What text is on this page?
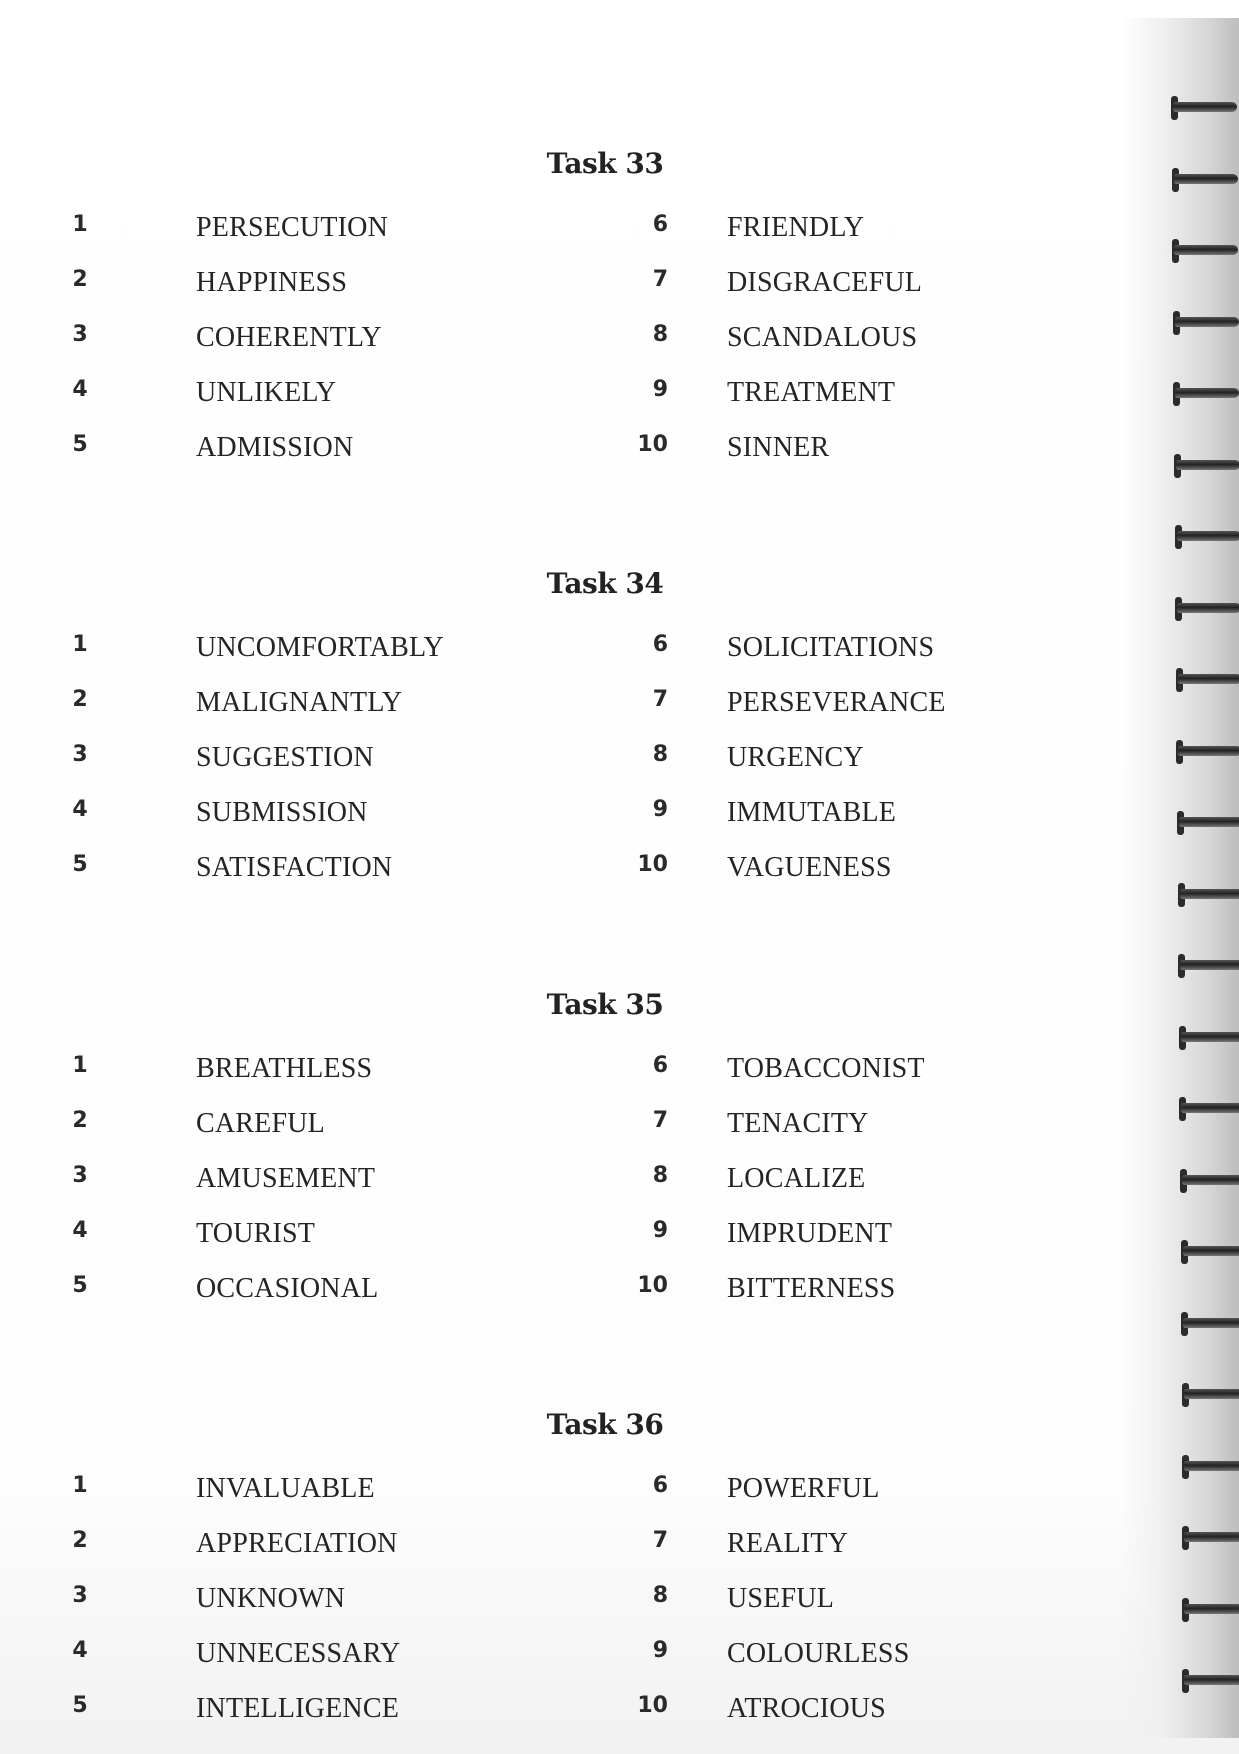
Task 33
1	PERSECUTION	6 FRIENDLY
2	HAPPINESS	7 DISGRACEFUL
3	COHERENTLY	8 SCANDALOUS
4	UNLIKELY	9 TREATMENT
5	ADMISSION	10 SINNER
Task 34
1	UNCOMFORTABLY	6 SOLICITATIONS
2	MALIGNANTLY	7 PERSEVERANCE
3	SUGGESTION	8 URGENCY
4	SUBMISSION	9 IMMUTABLE
5	SATISFACTION	10 VAGUENESS
Task 35
1	BREATHLESS	6 TOBACCONIST
2	CAREFUL	7 TENACITY
3	AMUSEMENT	8 LOCALIZE
4	TOURIST	9 IMPRUDENT
5	OCCASIONAL	10 BITTERNESS
Task 36
1	INVALUABLE	6 POWERFUL
2	APPRECIATION	7 REALITY
3	UNKNOWN	8 USEFUL
4	UNNECESSARY	9 COLOURLESS
5	INTELLIGENCE	10 ATROCIOUS
